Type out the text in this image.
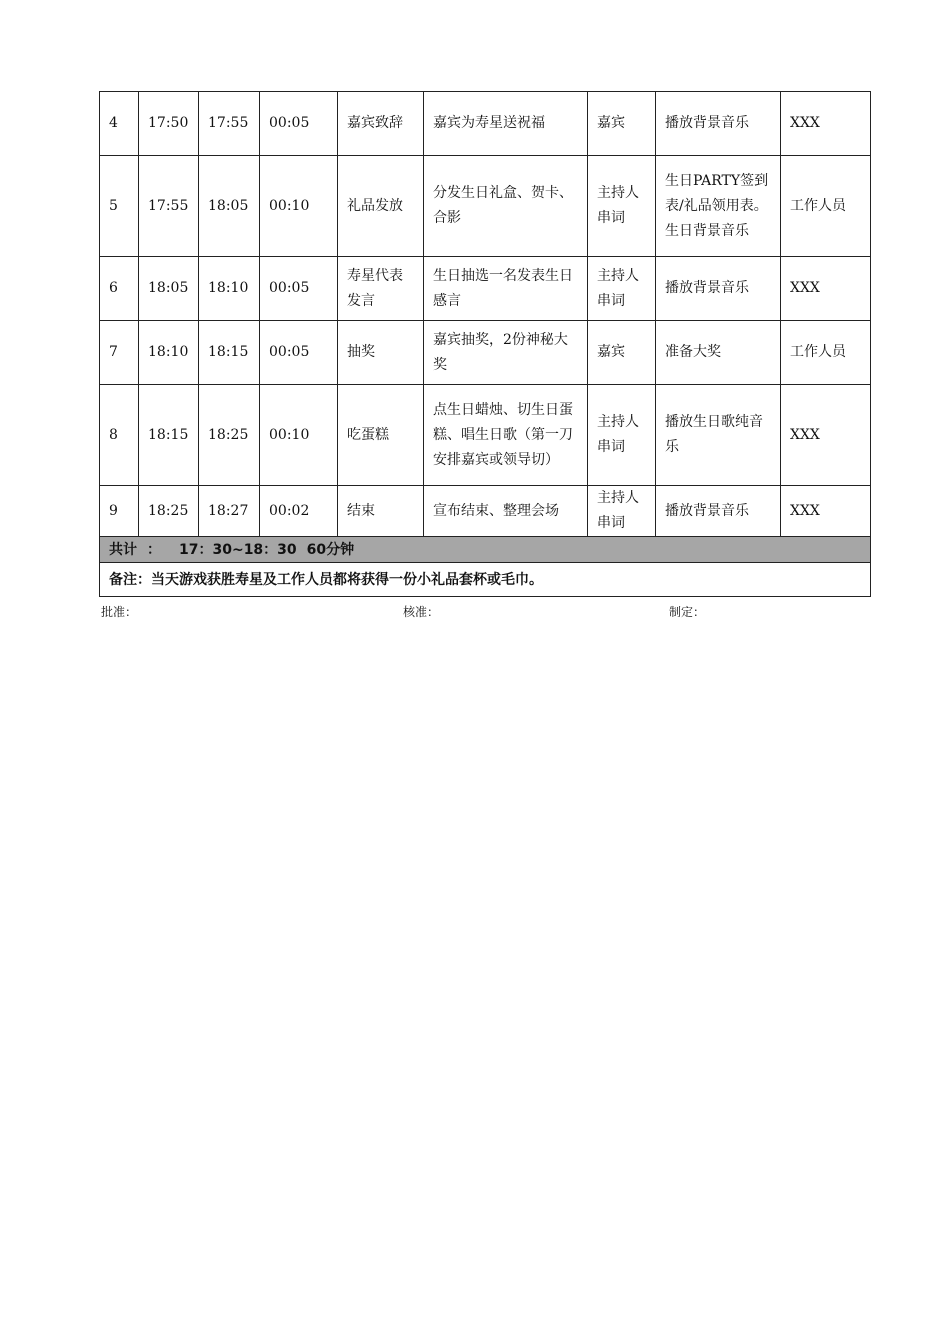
4	17:50	17:55	00:05	嘉宾致辞	嘉宾为寿星送祝福	嘉宾	播放背景音乐	XXX
5	17:55	18:05	00:10	礼品发放	分发生日礼盒、贺卡、合影	主持人串词	生日PARTY签到表/礼品领用表。生日背景音乐	工作人员
6	18:05	18:10	00:05	寿星代表发言	生日抽选一名发表生日感言	主持人串词	播放背景音乐	XXX
7	18:10	18:15	00:05	抽奖	嘉宾抽奖，2份神秘大奖	嘉宾	准备大奖	工作人员
8	18:15	18:25	00:10	吃蛋糕	点生日蜡烛、切生日蛋糕、唱生日歌（第一刀安排嘉宾或领导切）	主持人串词	播放生日歌纯音乐	XXX
9	18:25	18:27	00:02	结束	宣布结束、整理会场	主持人串词	播放背景音乐	XXX
共计 ： 17：30~18：30 60分钟								
备注：当天游戏获胜寿星及工作人员都将获得一份小礼品套杯或毛巾。								
批准：	核准：	制定：
